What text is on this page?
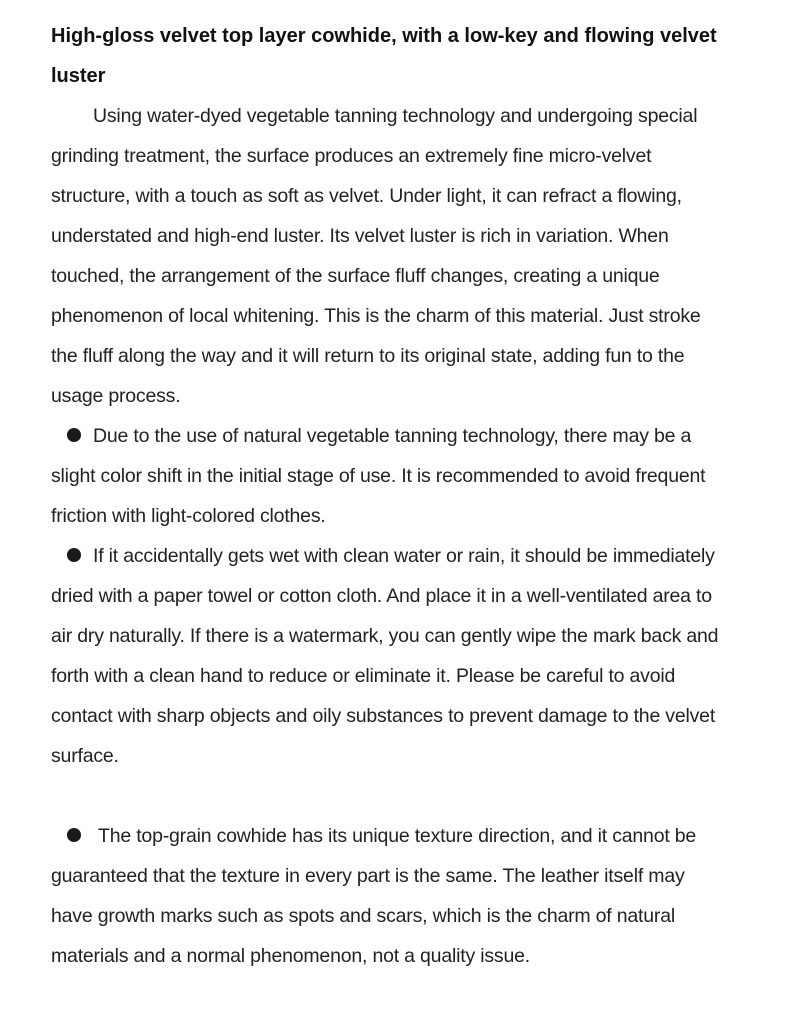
High-gloss velvet top layer cowhide, with a low-key and flowing velvet luster

Using water-dyed vegetable tanning technology and undergoing special grinding treatment, the surface produces an extremely fine micro-velvet structure, with a touch as soft as velvet. Under light, it can refract a flowing, understated and high-end luster. Its velvet luster is rich in variation. When touched, the arrangement of the surface fluff changes, creating a unique phenomenon of local whitening. This is the charm of this material. Just stroke the fluff along the way and it will return to its original state, adding fun to the usage process.

Due to the use of natural vegetable tanning technology, there may be a slight color shift in the initial stage of use. It is recommended to avoid frequent friction with light-colored clothes.

If it accidentally gets wet with clean water or rain, it should be immediately dried with a paper towel or cotton cloth. And place it in a well-ventilated area to air dry naturally. If there is a watermark, you can gently wipe the mark back and forth with a clean hand to reduce or eliminate it. Please be careful to avoid contact with sharp objects and oily substances to prevent damage to the velvet surface.

The top-grain cowhide has its unique texture direction, and it cannot be guaranteed that the texture in every part is the same. The leather itself may have growth marks such as spots and scars, which is the charm of natural materials and a normal phenomenon, not a quality issue.
